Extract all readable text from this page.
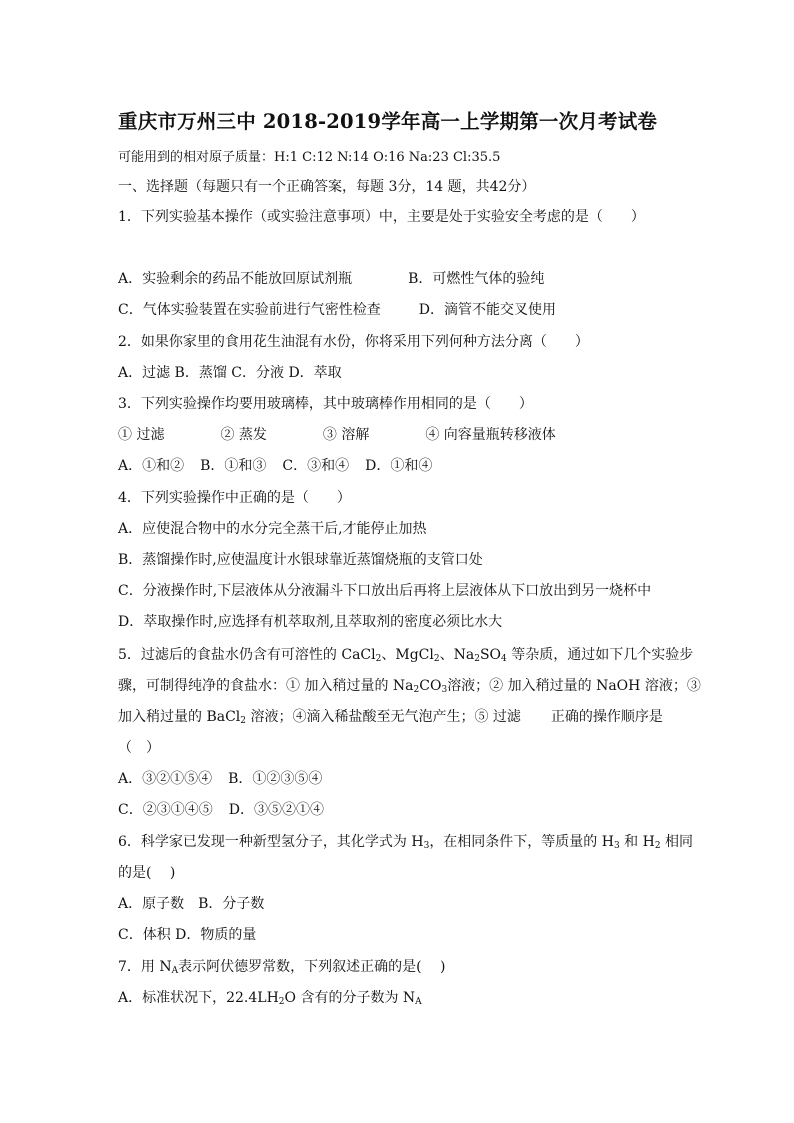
重庆市万州三中 2018-2019学年高一上学期第一次月考试卷
可能用到的相对原子质量：H:1 C:12 N:14 O:16 Na:23 Cl:35.5
一、选择题（每题只有一个正确答案，每题 3分，14 题，共42分）
1．下列实验基本操作（或实验注意事项）中，主要是处于实验安全考虑的是（　　）
A．实验剩余的药品不能放回原试剂瓶	B．可燃性气体的验纯
C．气体实验装置在实验前进行气密性检查	D．滴管不能交叉使用
2．如果你家里的食用花生油混有水份，你将采用下列何种方法分离（　　）
A．过滤 B．蒸馏 C．分液 D．萃取
3．下列实验操作均要用玻璃棒，其中玻璃棒作用相同的是（　　）
① 过滤	② 蒸发	③ 溶解	④ 向容量瓶转移液体
A．①和② B．①和③ C．③和④ D．①和④
4．下列实验操作中正确的是（　　）
A．应使混合物中的水分完全蒸干后,才能停止加热
B．蒸馏操作时,应使温度计水银球靠近蒸馏烧瓶的支管口处
C．分液操作时,下层液体从分液漏斗下口放出后再将上层液体从下口放出到另一烧杯中
D．萃取操作时,应选择有机萃取剂,且萃取剂的密度必须比水大
5．过滤后的食盐水仍含有可溶性的 CaCl$_2$、MgCl$_2$、$Na_2SO_4$ 等杂质，通过如下几个实验步
骤，可制得纯净的食盐水：① 加入稍过量的 $Na_2CO_3$溶液；② 加入稍过量的 NaOH 溶液；③
加入稍过量的 BaCl$_2$ 溶液；④滴入稀盐酸至无气泡产生；⑤ 过滤 正确的操作顺序是
（　）
A．③②①⑤④ B．①②③⑤④
C．②③①④⑤ D．③⑤②①④
6．科学家已发现一种新型氢分子，其化学式为 $H_3$，在相同条件下，等质量的 $H_3$ 和 $H_2$ 相同
的是(　 )
A．原子数　B．分子数
C．体积 D．物质的量
7．用 $N_A$表示阿伏德罗常数，下列叙述正确的是(　 )
A．标准状况下，$22.4LH_2O$ 含有的分子数为 $N_A$
